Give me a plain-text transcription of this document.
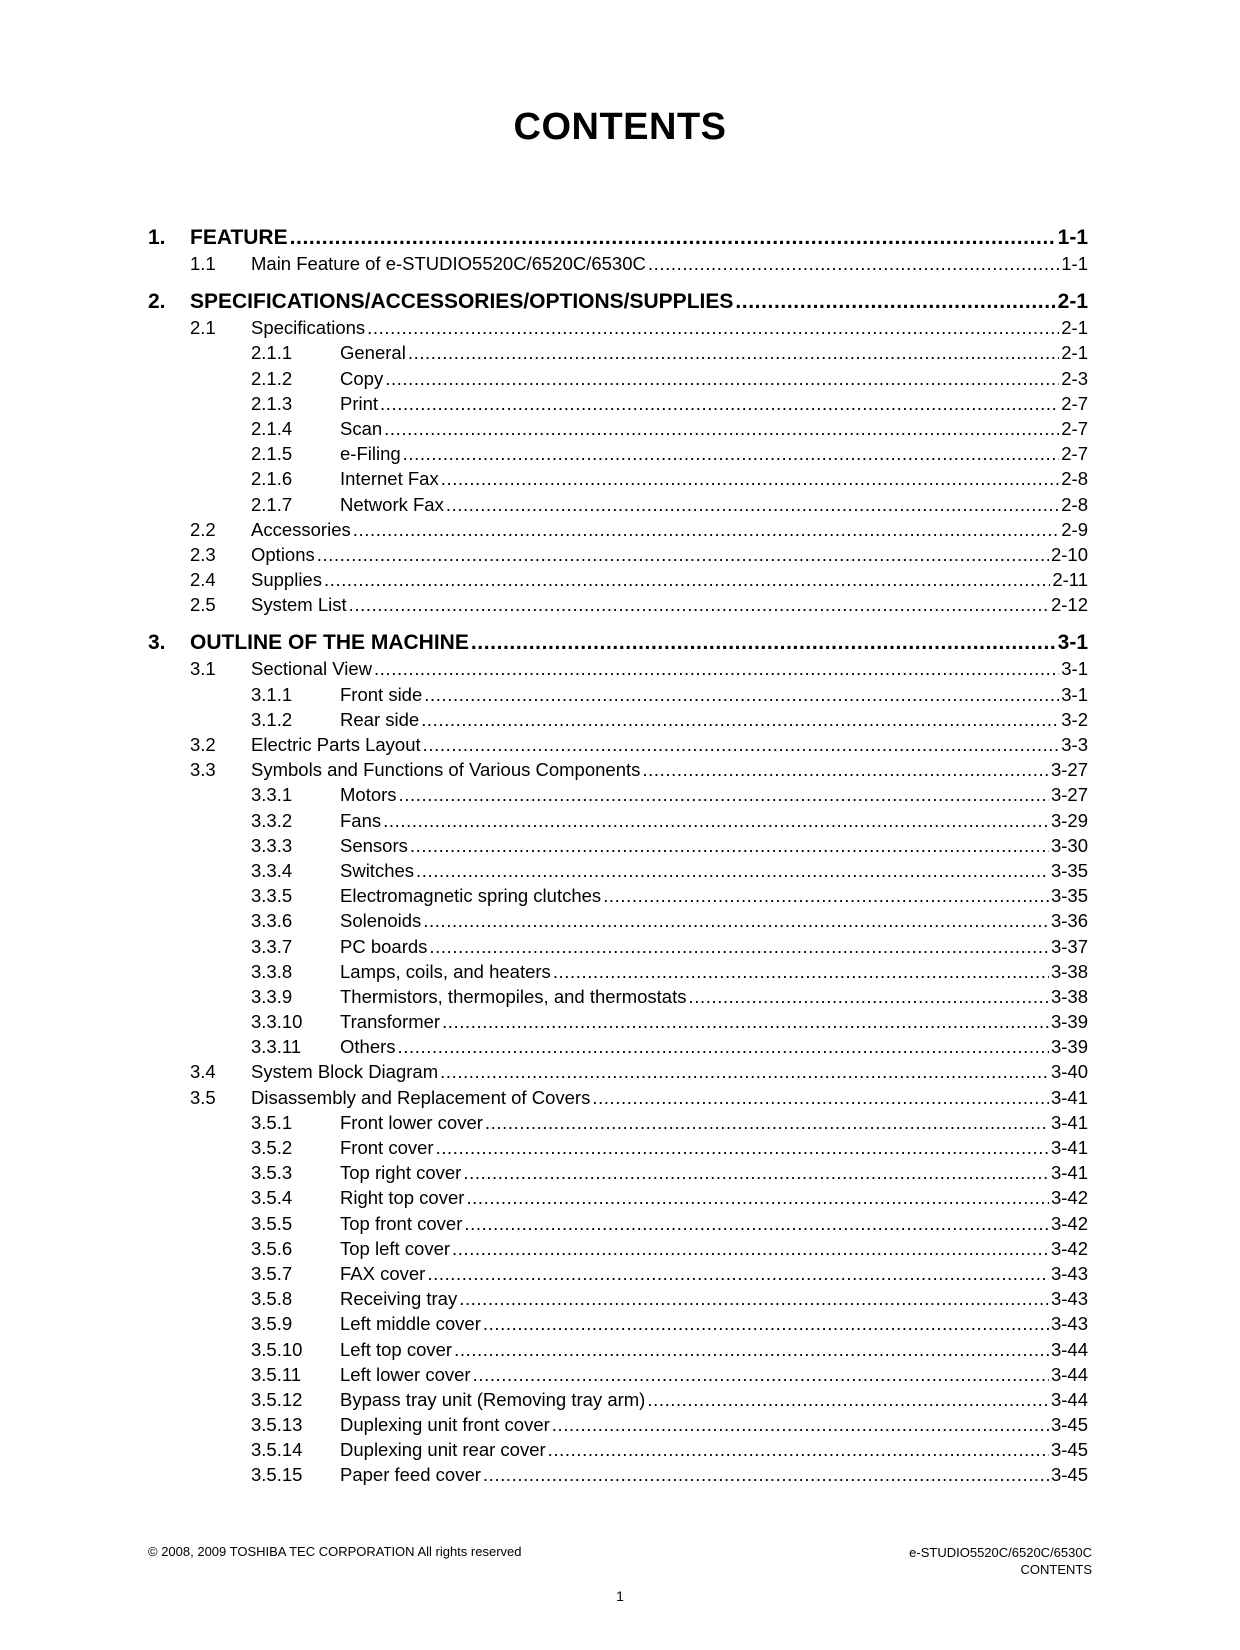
CONTENTS
1. FEATURE .....	1-1
1.1 Main Feature of e-STUDIO5520C/6520C/6530C .....	1-1
2. SPECIFICATIONS/ACCESSORIES/OPTIONS/SUPPLIES .....	2-1
2.1 Specifications .....	2-1
2.1.1	General .....	2-1
2.1.2	Copy .....	2-3
2.1.3	Print .....	2-7
2.1.4	Scan .....	2-7
2.1.5	e-Filing .....	2-7
2.1.6	Internet Fax .....	2-8
2.1.7	Network Fax .....	2-8
2.2 Accessories .....	2-9
2.3 Options .....	2-10
2.4 Supplies .....	2-11
2.5 System List .....	2-12
3. OUTLINE OF THE MACHINE .....	3-1
3.1 Sectional View .....	3-1
3.1.1	Front side .....	3-1
3.1.2	Rear side .....	3-2
3.2 Electric Parts Layout .....	3-3
3.3 Symbols and Functions of Various Components .....	3-27
3.3.1	Motors .....	3-27
3.3.2	Fans .....	3-29
3.3.3	Sensors .....	3-30
3.3.4	Switches .....	3-35
3.3.5	Electromagnetic spring clutches .....	3-35
3.3.6	Solenoids .....	3-36
3.3.7	PC boards .....	3-37
3.3.8	Lamps, coils, and heaters .....	3-38
3.3.9	Thermistors, thermopiles, and thermostats .....	3-38
3.3.10 Transformer .....	3-39
3.3.11 Others .....	3-39
3.4 System Block Diagram .....	3-40
3.5 Disassembly and Replacement of Covers .....	3-41
3.5.1	Front lower cover .....	3-41
3.5.2	Front cover .....	3-41
3.5.3	Top right cover .....	3-41
3.5.4	Right top cover .....	3-42
3.5.5	Top front cover .....	3-42
3.5.6	Top left cover .....	3-42
3.5.7	FAX cover .....	3-43
3.5.8	Receiving tray .....	3-43
3.5.9	Left middle cover .....	3-43
3.5.10 Left top cover .....	3-44
3.5.11 Left lower cover .....	3-44
3.5.12 Bypass tray unit (Removing tray arm) .....	3-44
3.5.13 Duplexing unit front cover .....	3-45
3.5.14 Duplexing unit rear cover .....	3-45
3.5.15 Paper feed cover .....	3-45
© 2008, 2009 TOSHIBA TEC CORPORATION All rights reserved	e-STUDIO5520C/6520C/6530C
CONTENTS
1
